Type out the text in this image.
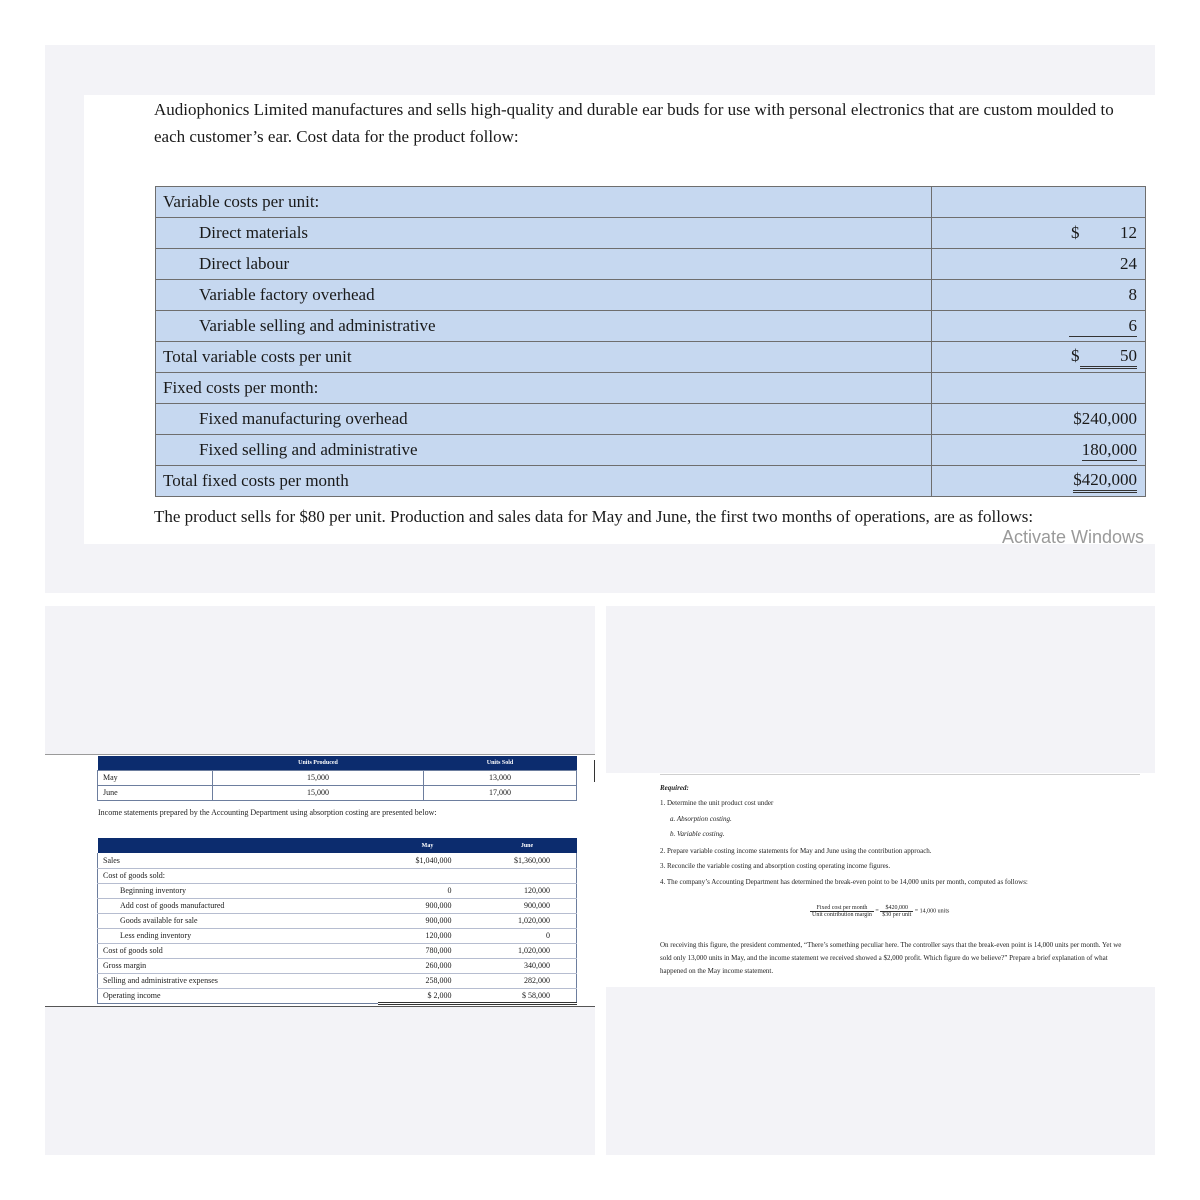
Audiophonics Limited manufactures and sells high-quality and durable ear buds for use with personal electronics that are custom moulded to each customer’s ear. Cost data for the product follow:

Variable costs per unit:	
Direct materials	$ 12
Direct labour	24
Variable factory overhead	8
Variable selling and administrative	6
Total variable costs per unit	$ 50
Fixed costs per month:	
Fixed manufacturing overhead	$240,000
Fixed selling and administrative	180,000
Total fixed costs per month	$420,000

The product sells for $80 per unit. Production and sales data for May and June, the first two months of operations, are as follows:

Activate Windows
	Units Produced	Units Sold
May	15,000	13,000
June	15,000	17,000

Income statements prepared by the Accounting Department using absorption costing are presented below:

	May	June
Sales	$1,040,000	$1,360,000
Cost of goods sold:		
Beginning inventory	0	120,000
Add cost of goods manufactured	900,000	900,000
Goods available for sale	900,000	1,020,000
Less ending inventory	120,000	0
Cost of goods sold	780,000	1,020,000
Gross margin	260,000	340,000
Selling and administrative expenses	258,000	282,000
Operating income	$ 2,000	$ 58,000

Required:

1. Determine the unit product cost under

a. Absorption costing.

b. Variable costing.

2. Prepare variable costing income statements for May and June using the contribution approach.

3. Reconcile the variable costing and absorption costing operating income figures.

4. The company’s Accounting Department has determined the break-even point to be 14,000 units per month, computed as follows:

$\frac{\text{Fixed cost per month}}{\text{Unit contribution margin}} = \frac{\$420,000}{\text{\$30 per unit}} = 14,000$ units

On receiving this figure, the president commented, “There’s something peculiar here. The controller says that the break-even point is 14,000 units per month. Yet we sold only 13,000 units in May, and the income statement we received showed a $2,000 profit. Which figure do we believe?” Prepare a brief explanation of what happened on the May income statement.
